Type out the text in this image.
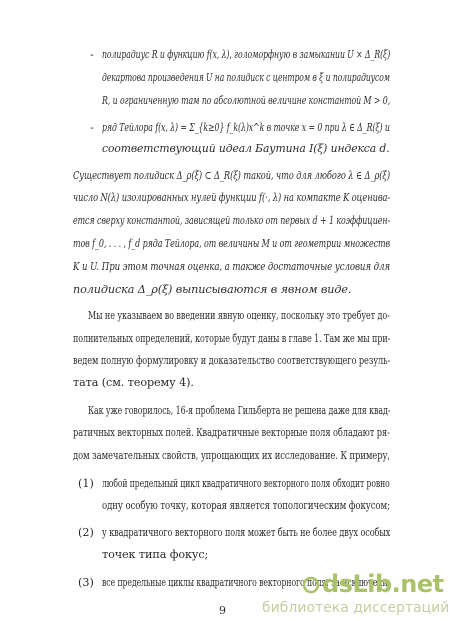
- полирадиус R и функцию f(x, λ), голоморфную в замыкании U × Δ_R(ξ)
декартова произведения U на полидиск с центром в ξ и полирадиусом
R, и ограниченную там по абсолютной величине константой M > 0,
- ряд Тейлора f(x, λ) = Σ_{k≥0} f_k(λ)x^k в точке x = 0 при λ ∈ Δ_R(ξ) и
соответствующий идеал Баутина I(ξ) индекса d.
Существует полидиск Δ_ρ(ξ) ⊂ Δ_R(ξ) такой, что для любого λ ∈ Δ_ρ(ξ)
число N(λ) изолированных нулей функции f(·, λ) на компакте K оценива-
ется сверху константой, зависящей только от первых d + 1 коэффициен-
тов f_0, . . . , f_d ряда Тейлора, от величины M и от геометрии множеств
K и U. При этом точная оценка, а также достаточные условия для
полидиска Δ_ρ(ξ) выписываются в явном виде.
Мы не указываем во введении явную оценку, поскольку это требует до-
полнительных определений, которые будут даны в главе 1. Там же мы при-
ведем полную формулировку и доказательство соответствующего резуль-
тата (см. теорему 4).
Как уже говорилось, 16-я проблема Гильберта не решена даже для квад-
ратичных векторных полей. Квадратичные векторные поля обладают ря-
дом замечательных свойств, упрощающих их исследование. К примеру,
(1) любой предельный цикл квадратичного векторного поля обходит ровно
одну особую точку, которая является топологическим фокусом;
(2) у квадратичного векторного поля может быть не более двух особых
точек типа фокус;
(3) все предельные циклы квадратичного векторного поля, за исключени-
9
dsLib.net
библиотека диссертаций
